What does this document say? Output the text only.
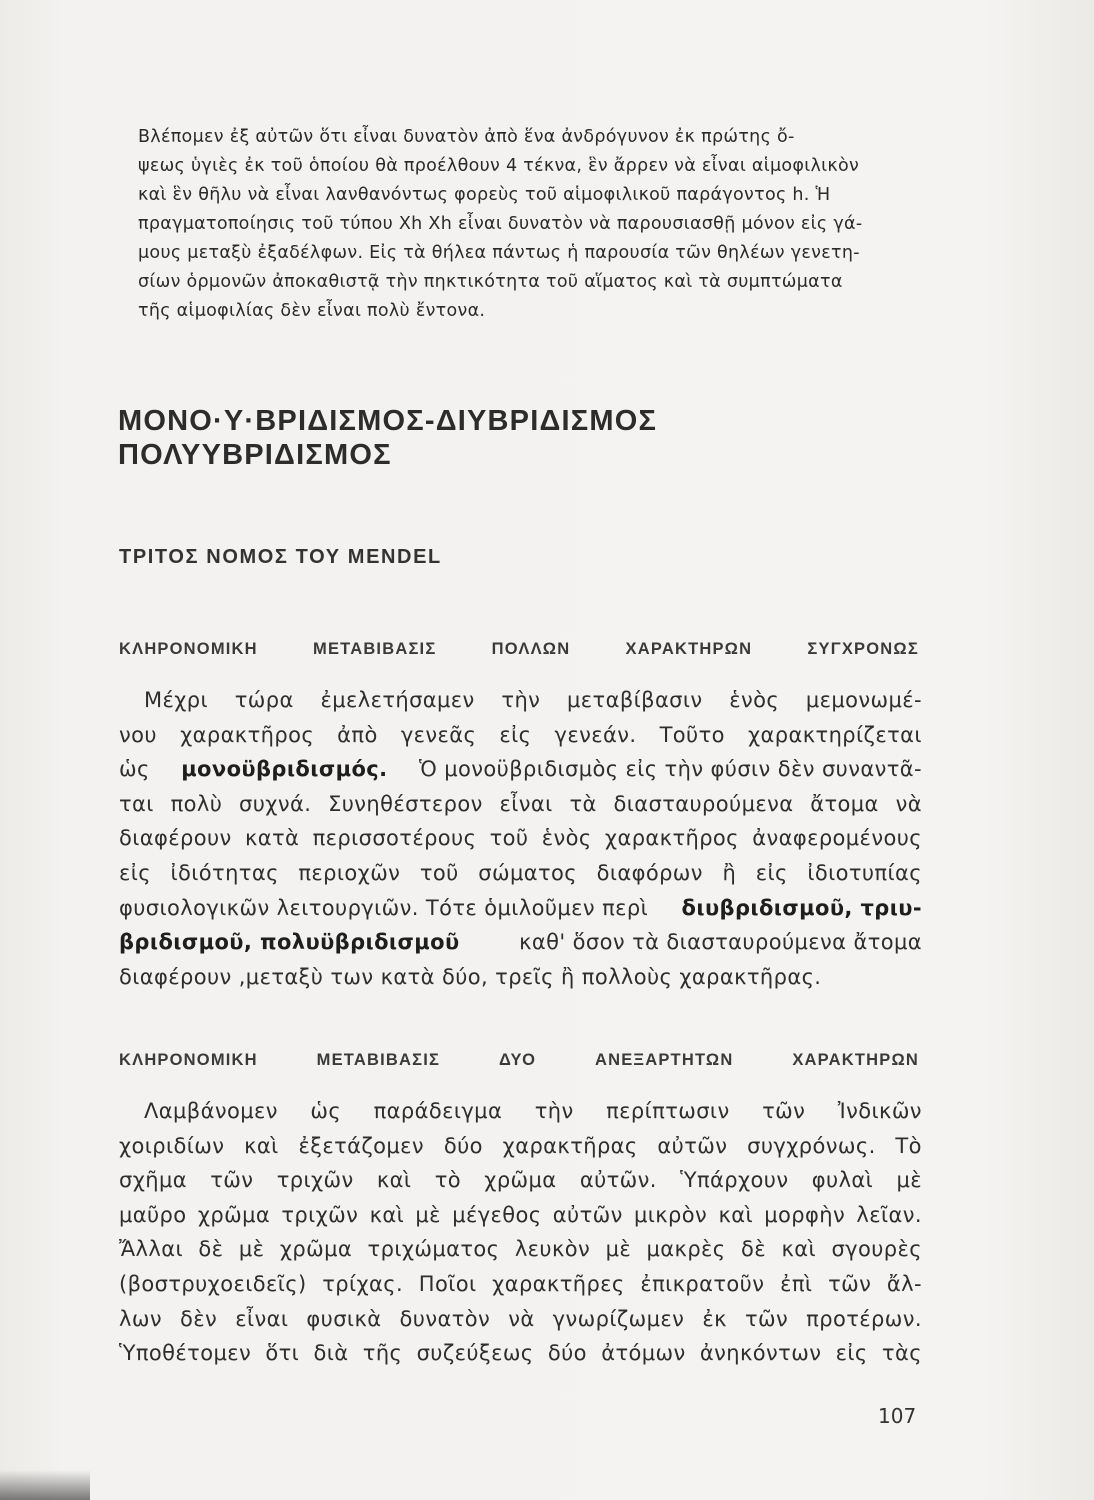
Βλέπομεν ἐξ αὐτῶν ὅτι εἶναι δυνατὸν ἀπὸ ἕνα ἀνδρόγυνον ἐκ πρώτης ὄ-
ψεως ὑγιὲς ἐκ τοῦ ὁποίου θὰ προέλθουν 4 τέκνα, ἓν ἄρρεν νὰ εἶναι αἱμοφιλικὸν
καὶ ἓν θῆλυ νὰ εἶναι λανθανόντως φορεὺς τοῦ αἱμοφιλικοῦ παράγοντος h. Ἡ
πραγματοποίησις τοῦ τύπου Xh Xh εἶναι δυνατὸν νὰ παρουσιασθῇ μόνον εἰς γά-
μους μεταξὺ ἐξαδέλφων. Εἰς τὰ θήλεα πάντως ἡ παρουσία τῶν θηλέων γενετη-
σίων ὁρμονῶν ἀποκαθιστᾷ τὴν πηκτικότητα τοῦ αἵματος καὶ τὰ συμπτώματα
τῆς αἱμοφιλίας δὲν εἶναι πολὺ ἔντονα.
ΜΟΝΟ·Υ·ΒΡΙΔΙΣΜΟΣ-ΔΙΥΒΡΙΔΙΣΜΟΣ
ΠΟΛΥΥΒΡΙΔΙΣΜΟΣ
ΤΡΙΤΟΣ ΝΟΜΟΣ ΤΟΥ MENDEL
ΚΛΗΡΟΝΟΜΙΚΗ	ΜΕΤΑΒΙΒΑΣΙΣ	ΠΟΛΛΩΝ	ΧΑΡΑΚΤΗΡΩΝ	ΣΥΓΧΡΟΝΩΣ
Μέχρι τώρα ἐμελετήσαμεν τὴν μεταβίβασιν ἑνὸς μεμονωμέ-
νου χαρακτῆρος ἀπὸ γενεᾶς εἰς γενεάν. Τοῦτο χαρακτηρίζεται
ὡς μονοϋβριδισμός. Ὁ μονοϋβριδισμὸς εἰς τὴν φύσιν δὲν συναντᾶ-
ται πολὺ συχνά. Συνηθέστερον εἶναι τὰ διασταυρούμενα ἄτομα νὰ
διαφέρουν κατὰ περισσοτέρους τοῦ ἑνὸς χαρακτῆρος ἀναφερομένους
εἰς ἰδιότητας περιοχῶν τοῦ σώματος διαφόρων ἢ εἰς ἰδιοτυπίας
φυσιολογικῶν λειτουργιῶν. Τότε ὁμιλοῦμεν περὶ διυβριδισμοῦ, τριυ-
βριδισμοῦ, πολυϋβριδισμοῦ	καθ' ὅσον τὰ διασταυρούμενα ἄτομα
διαφέρουν ,μεταξὺ των κατὰ δύο, τρεῖς ἢ πολλοὺς χαρακτῆρας.
ΚΛΗΡΟΝΟΜΙΚΗ	ΜΕΤΑΒΙΒΑΣΙΣ	ΔΥΟ	ΑΝΕΞΑΡΤΗΤΩΝ	ΧΑΡΑΚΤΗΡΩΝ
Λαμβάνομεν ὡς παράδειγμα τὴν περίπτωσιν τῶν Ἰνδικῶν
χοιριδίων καὶ ἐξετάζομεν δύο χαρακτῆρας αὐτῶν συγχρόνως. Τὸ
σχῆμα τῶν τριχῶν καὶ τὸ χρῶμα αὐτῶν. Ὑπάρχουν φυλαὶ μὲ
μαῦρο χρῶμα τριχῶν καὶ μὲ μέγεθος αὐτῶν μικρὸν καὶ μορφὴν λεῖαν.
Ἄλλαι δὲ μὲ χρῶμα τριχώματος λευκὸν μὲ μακρὲς δὲ καὶ σγουρὲς
(βοστρυχοειδεῖς) τρίχας. Ποῖοι χαρακτῆρες ἐπικρατοῦν ἐπὶ τῶν ἄλ-
λων δὲν εἶναι φυσικὰ δυνατὸν νὰ γνωρίζωμεν ἐκ τῶν προτέρων.
Ὑποθέτομεν ὅτι διὰ τῆς συζεύξεως δύο ἀτόμων ἀνηκόντων εἰς τὰς

107
